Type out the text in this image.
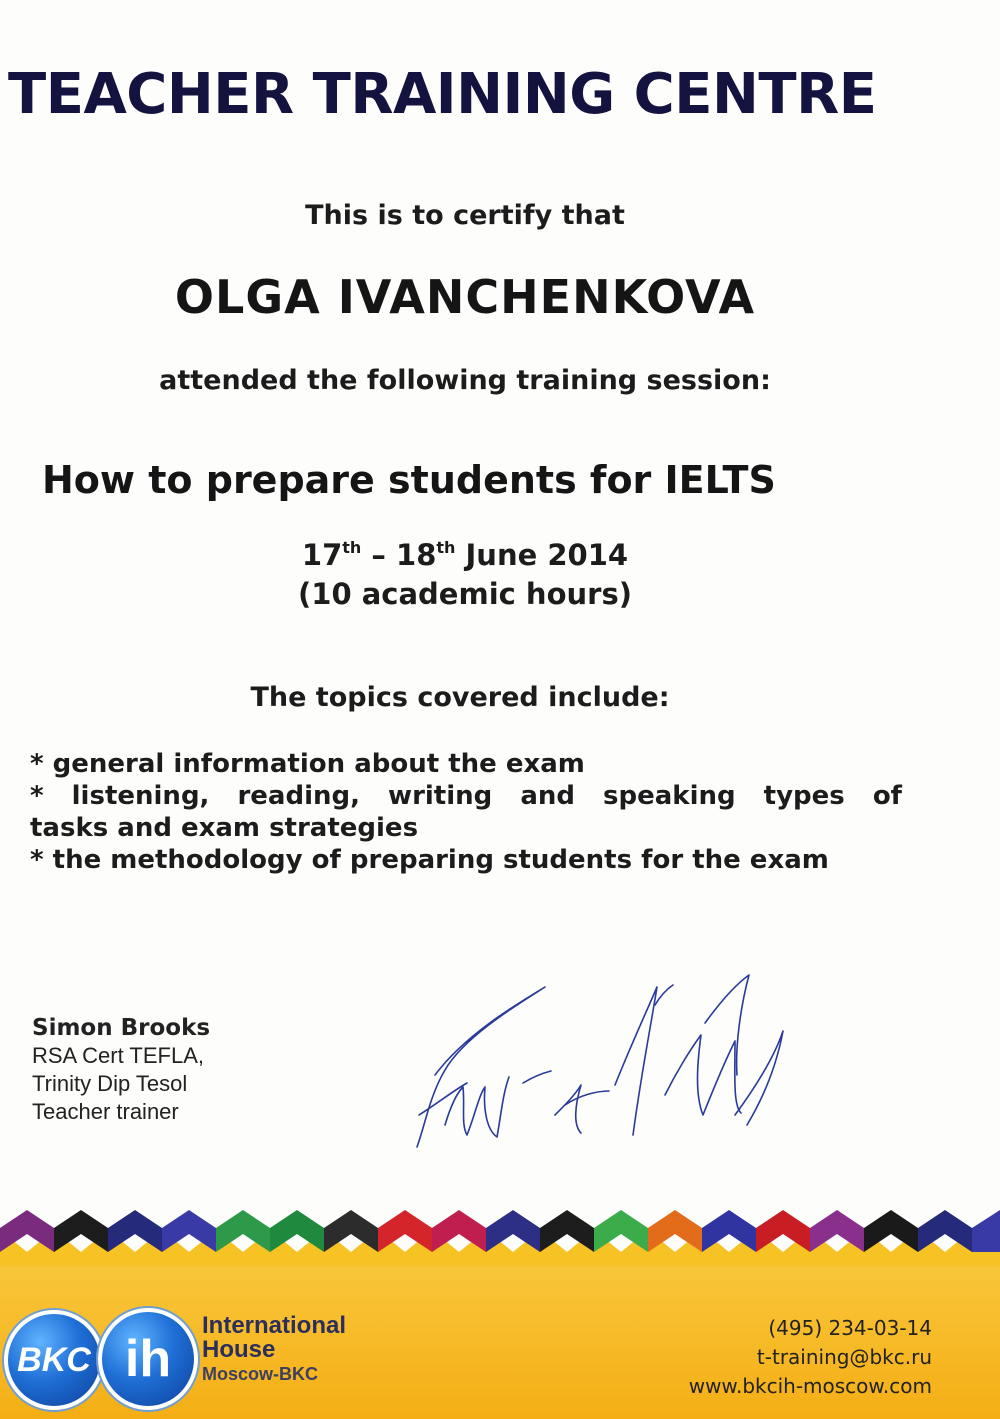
TEACHER TRAINING CENTRE
This is to certify that
OLGA IVANCHENKOVA
attended the following training session:
How to prepare students for IELTS
17th – 18th June 2014
(10 academic hours)
The topics covered include:

* general information about the exam

* listening, reading, writing and speaking types of

tasks and exam strategies

* the methodology of preparing students for the exam

Simon Brooks
RSA Cert TEFLA,
Trinity Dip Tesol
Teacher trainer
BKC ih
International
House
Moscow-BKC
(495) 234-03-14
t-training@bkc.ru
www.bkcih-moscow.com
